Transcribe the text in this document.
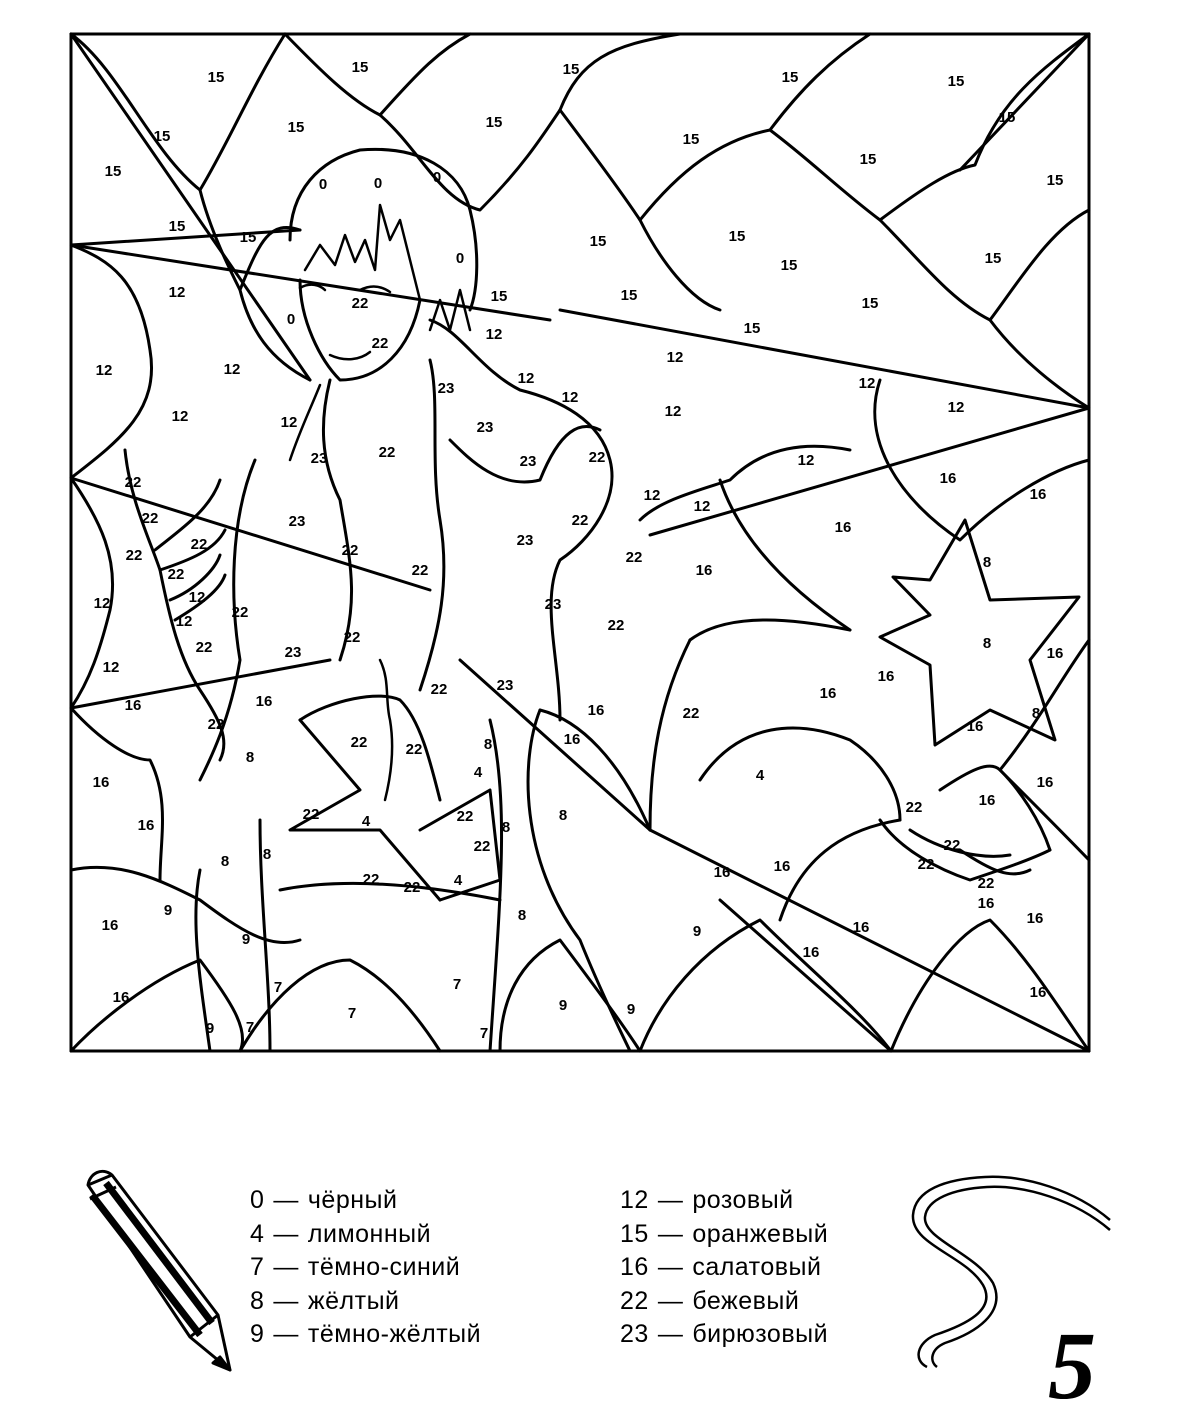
15
15	15	15	15
15
15	15
15
15
15
15
15
15
15	15	15
15	15
15	15	15
15
0	0	0
0
0
22
22
12
12	12
12	12
12
12
12
12
12
12
12
12
12
12
12	12
12
12
23
23
23
23
23
23
23
23
23
22	22
22
22
22
22
22
22
22
22
22
22
22
22
22
22
22
22	22
22
22	22
22
22 22
22
22
22
22
16
16
16
16
16
16
16
16
16
16
16
16
16
16
16
16
16	16
16
16
16	16
16
16	16
8
8
8
8
8
8 8
8
8
8
4
4
4
4
9
9	9
9	9
9
7	7
7
7	7
0 — чёрный
4 — лимонный
7 — тёмно-синий
8 — жёлтый
9 — тёмно-жёлтый
12 — розовый
15 — оранжевый
16 — салатовый
22 — бежевый
23 — бирюзовый 5
